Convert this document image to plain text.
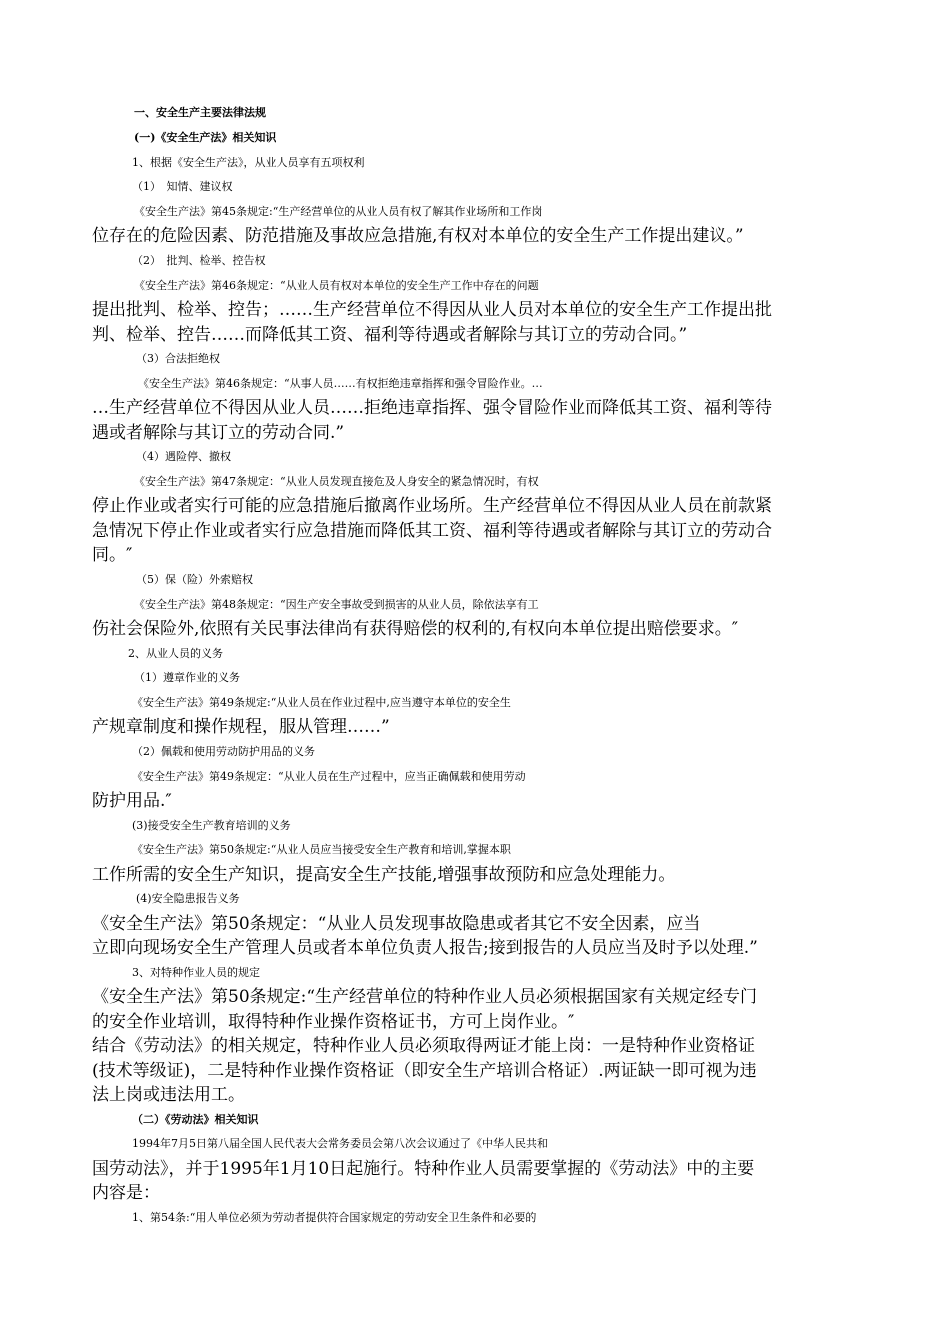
一、安全生产主要法律法规
(一)《安全生产法》相关知识
1、根据《安全生产法》，从业人员享有五项权利
（1）　知情、建议权
《安全生产法》第45条规定:“生产经营单位的从业人员有权了解其作业场所和工作岗
位存在的危险因素、防范措施及事故应急措施,有权对本单位的安全生产工作提出建议。”
（2）　批判、检举、控告权
《安全生产法》第46条规定：“从业人员有权对本单位的安全生产工作中存在的问题
提出批判、检举、控告；……生产经营单位不得因从业人员对本单位的安全生产工作提出批
判、检举、控告……而降低其工资、福利等待遇或者解除与其订立的劳动合同。”
（3）合法拒绝权
《安全生产法》第46条规定：“从事人员……有权拒绝违章指挥和强令冒险作业。…
…生产经营单位不得因从业人员……拒绝违章指挥、强令冒险作业而降低其工资、福利等待
遇或者解除与其订立的劳动合同.”
（4）遇险停、撤权
《安全生产法》第47条规定：“从业人员发现直接危及人身安全的紧急情况时，有权
停止作业或者实行可能的应急措施后撤离作业场所。生产经营单位不得因从业人员在前款紧
急情况下停止作业或者实行应急措施而降低其工资、福利等待遇或者解除与其订立的劳动合
同。″
（5）保（险）外索赔权
《安全生产法》第48条规定：“因生产安全事故受到损害的从业人员，除依法享有工
伤社会保险外,依照有关民事法律尚有获得赔偿的权利的,有权向本单位提出赔偿要求。″
2、从业人员的义务
（1）遵章作业的义务
《安全生产法》第49条规定:“从业人员在作业过程中,应当遵守本单位的安全生
产规章制度和操作规程，服从管理……”
（2）佩载和使用劳动防护用品的义务
《安全生产法》第49条规定：“从业人员在生产过程中，应当正确佩载和使用劳动
防护用品.″
(3)接受安全生产教育培训的义务
《安全生产法》第50条规定:“从业人员应当接受安全生产教育和培训,掌握本职
工作所需的安全生产知识，提高安全生产技能,增强事故预防和应急处理能力。
(4)安全隐患报告义务
《安全生产法》第50条规定：“从业人员发现事故隐患或者其它不安全因素，应当
立即向现场安全生产管理人员或者本单位负责人报告;接到报告的人员应当及时予以处理.”
3、对特种作业人员的规定
《安全生产法》第50条规定:“生产经营单位的特种作业人员必须根据国家有关规定经专门
的安全作业培训，取得特种作业操作资格证书，方可上岗作业。″
结合《劳动法》的相关规定，特种作业人员必须取得两证才能上岗：一是特种作业资格证
(技术等级证)，二是特种作业操作资格证（即安全生产培训合格证）.两证缺一即可视为违
法上岗或违法用工。
（二）《劳动法》相关知识
1994年7月5日第八届全国人民代表大会常务委员会第八次会议通过了《中华人民共和
国劳动法》，并于1995年1月10日起施行。特种作业人员需要掌握的《劳动法》中的主要
内容是：
1、第54条:“用人单位必须为劳动者提供符合国家规定的劳动安全卫生条件和必要的
